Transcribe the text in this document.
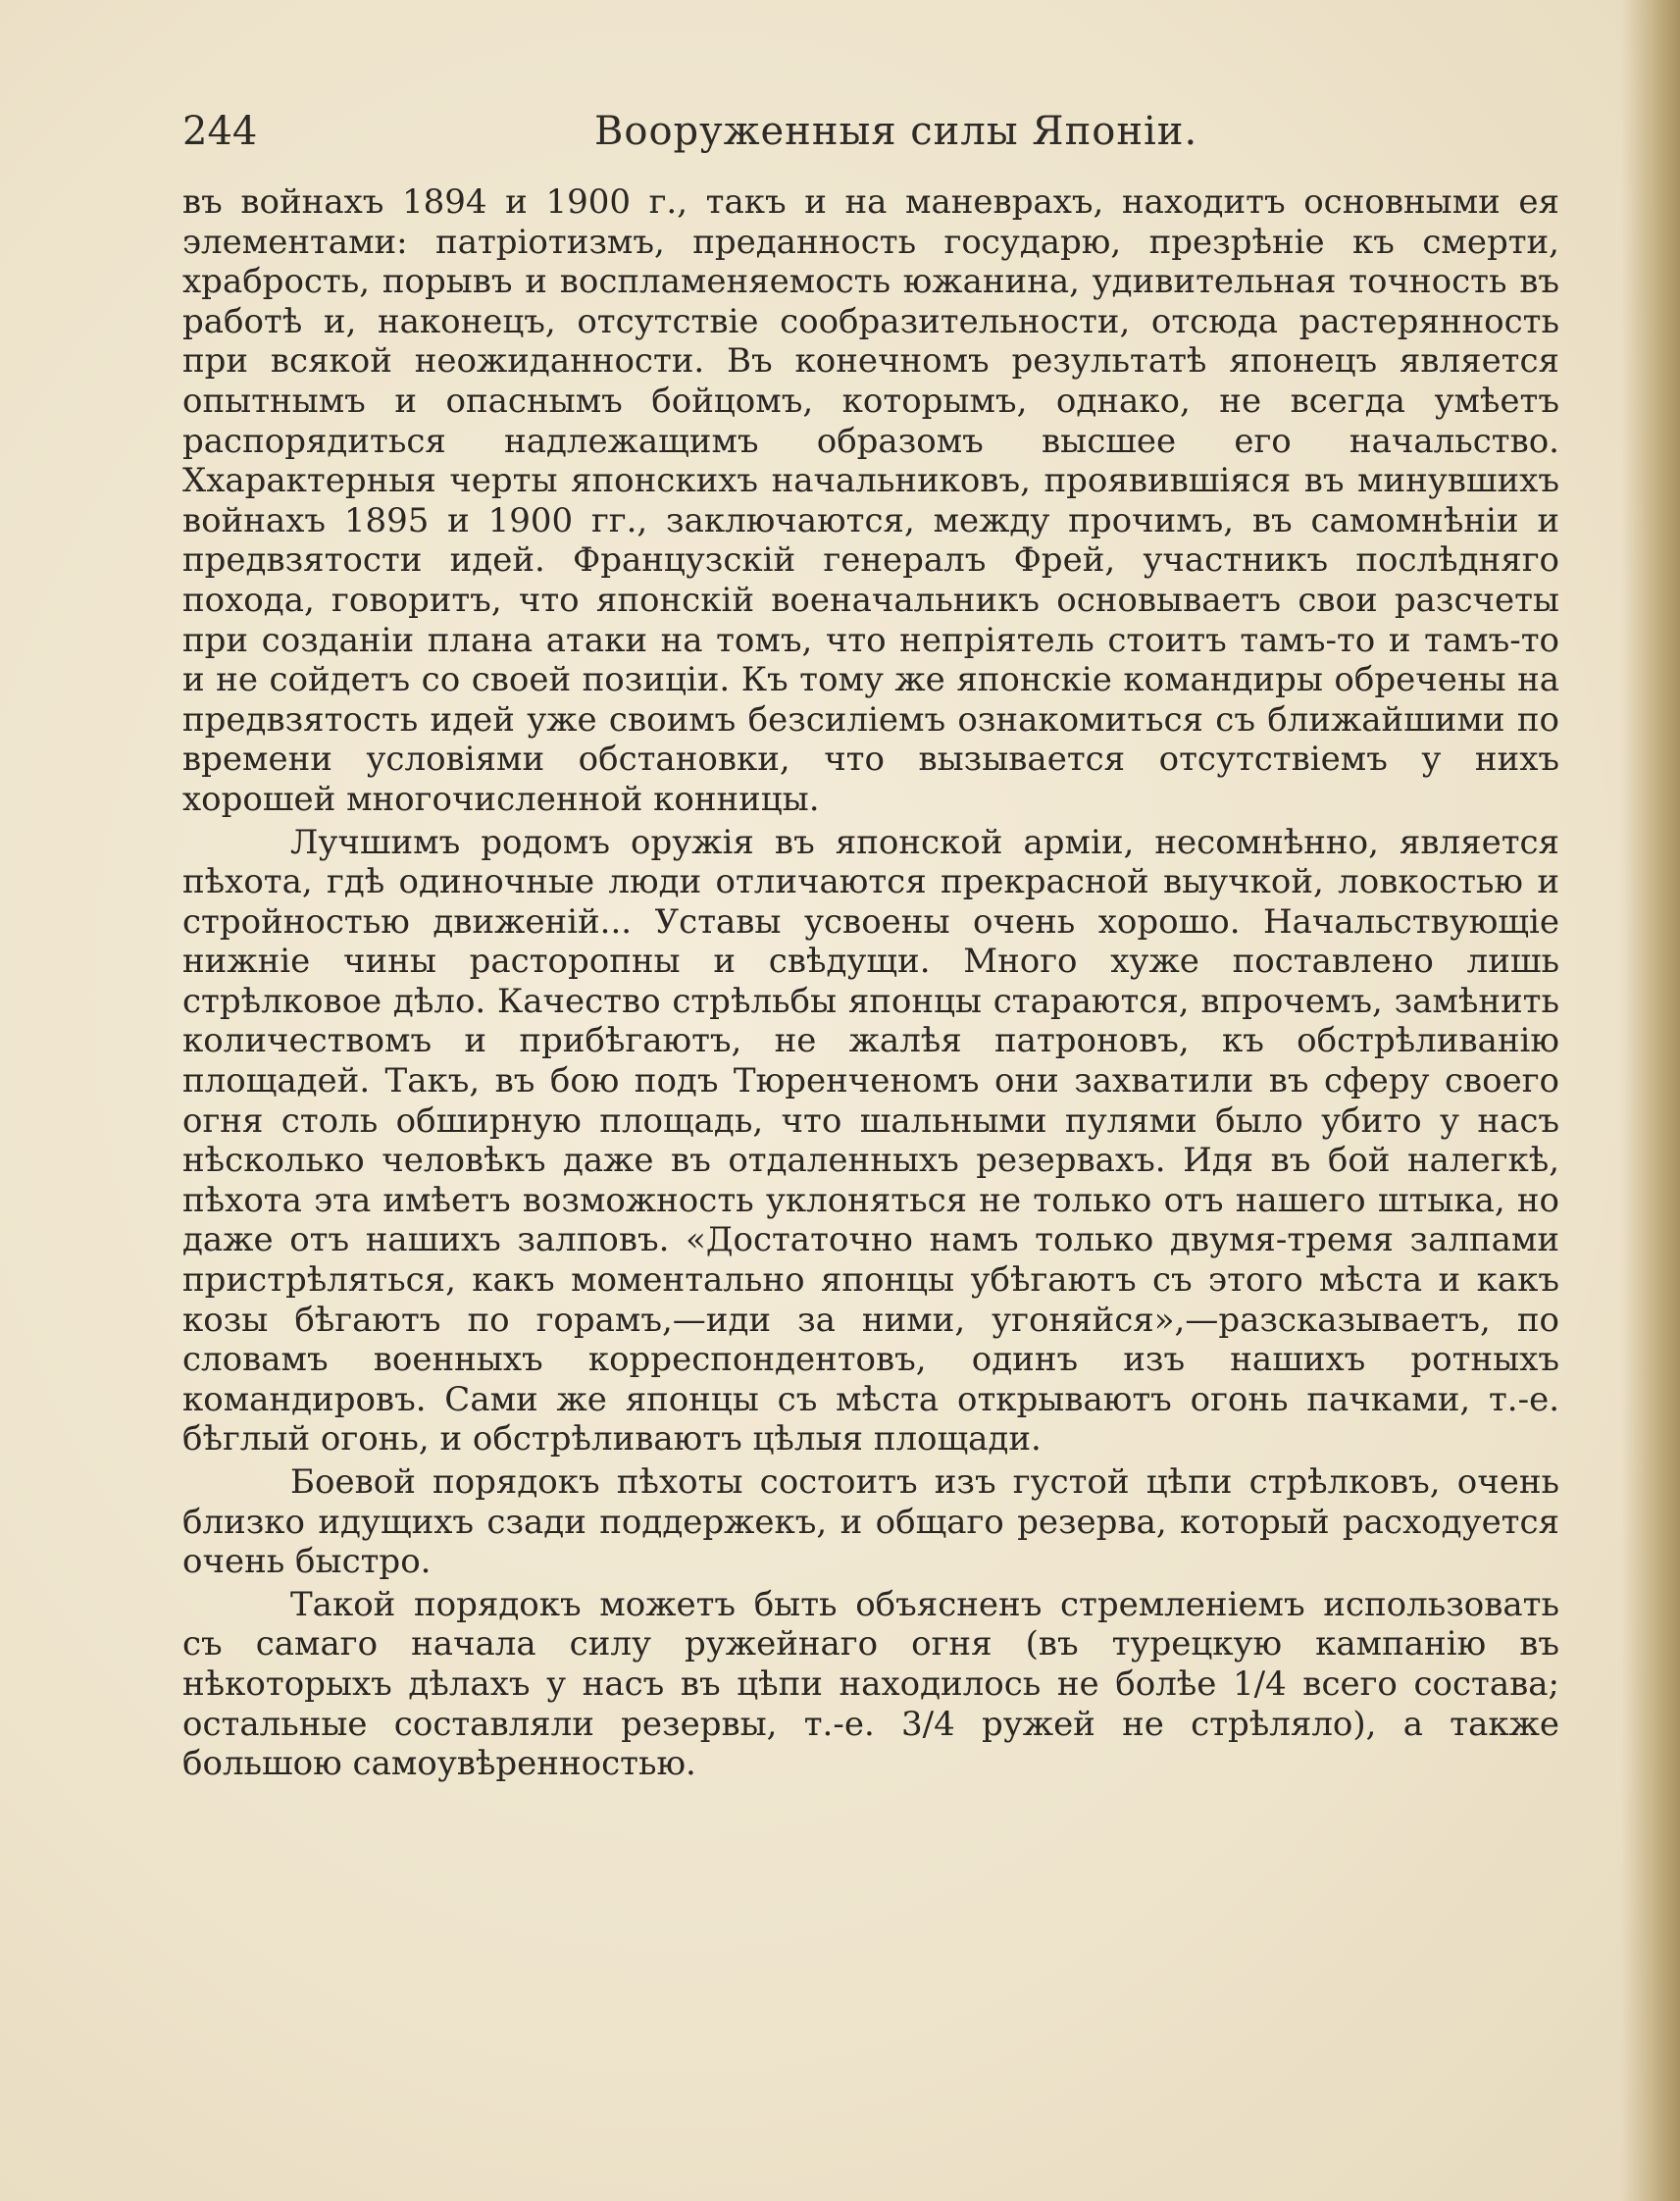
244	Вооруженныя силы Японіи.

въ войнахъ 1894 и 1900 г., такъ и на маневрахъ, находитъ основными ея элементами: патріотизмъ, преданность государю, презрѣніе къ смерти, храбрость, порывъ и воспламеняемость южанина, удивительная точность въ работѣ и, наконецъ, отсутствіе сообразительности, отсюда растерянность при всякой неожиданности. Въ конечномъ результатѣ японецъ является опытнымъ и опаснымъ бойцомъ, которымъ, однако, не всегда умѣетъ распорядиться надлежащимъ образомъ высшее его начальство. Ххарактерныя черты японскихъ начальниковъ, проявившіяся въ минувшихъ войнахъ 1895 и 1900 гг., заключаются, между прочимъ, въ самомнѣніи и предвзятости идей. Французскій генералъ Фрей, участникъ послѣдняго похода, говоритъ, что японскій военачальникъ основываетъ свои разсчеты при созданіи плана атаки на томъ, что непріятель стоитъ тамъ-то и тамъ-то и не сойдетъ со своей позиціи. Къ тому же японскіе командиры обречены на предвзятость идей уже своимъ безсиліемъ ознакомиться съ ближайшими по времени условіями обстановки, что вызывается отсутствіемъ у нихъ хорошей многочисленной конницы.

Лучшимъ родомъ оружія въ японской арміи, несомнѣнно, является пѣхота, гдѣ одиночные люди отличаются прекрасной выучкой, ловкостью и стройностью движеній... Уставы усвоены очень хорошо. Начальствующіе нижніе чины расторопны и свѣдущи. Много хуже поставлено лишь стрѣлковое дѣло. Качество стрѣльбы японцы стараются, впрочемъ, замѣнить количествомъ и прибѣгаютъ, не жалѣя патроновъ, къ обстрѣливанію площадей. Такъ, въ бою подъ Тюренченомъ они захватили въ сферу своего огня столь обширную площадь, что шальными пулями было убито у насъ нѣсколько человѣкъ даже въ отдаленныхъ резервахъ. Идя въ бой налегкѣ, пѣхота эта имѣетъ возможность уклоняться не только отъ нашего штыка, но даже отъ нашихъ залповъ. «Достаточно намъ только двумя-тремя залпами пристрѣляться, какъ моментально японцы убѣгаютъ съ этого мѣста и какъ козы бѣгаютъ по горамъ,—иди за ними, угоняйся»,—разсказываетъ, по словамъ военныхъ корреспондентовъ, одинъ изъ нашихъ ротныхъ командировъ. Сами же японцы съ мѣста открываютъ огонь пачками, т.-е. бѣглый огонь, и обстрѣливаютъ цѣлыя площади.

Боевой порядокъ пѣхоты состоитъ изъ густой цѣпи стрѣлковъ, очень близко идущихъ сзади поддержекъ, и общаго резерва, который расходуется очень быстро.

Такой порядокъ можетъ быть объясненъ стремленіемъ использовать съ самаго начала силу ружейнаго огня (въ турецкую кампанію въ нѣкоторыхъ дѣлахъ у насъ въ цѣпи находилось не болѣе 1/4 всего состава; остальные составляли резервы, т.-е. 3/4 ружей не стрѣляло), а также большою самоувѣренностью.
